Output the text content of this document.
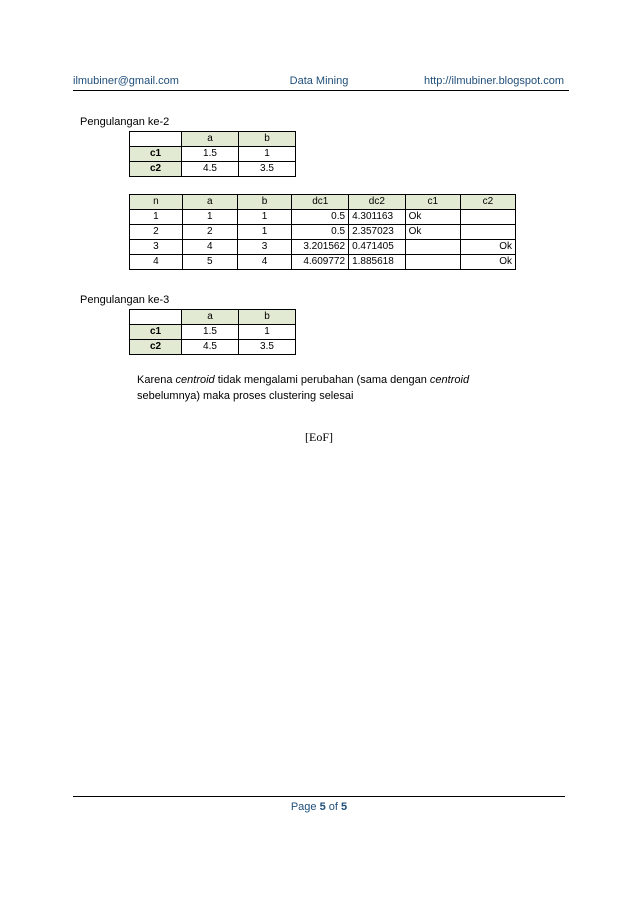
ilmubiner@gmail.com	Data Mining	http://ilmubiner.blogspot.com
Pengulangan ke-2
	a	b
c1	1.5	1
c2	4.5	3.5
n	a	b	dc1	dc2	c1	c2
1	1	1	0.5	4.301163	Ok	
2	2	1	0.5	2.357023	Ok	
3	4	3	3.201562	0.471405		Ok
4	5	4	4.609772	1.885618		Ok
Pengulangan ke-3
	a	b
c1	1.5	1
c2	4.5	3.5
Karena centroid tidak mengalami perubahan (sama dengan centroid sebelumnya) maka proses clustering selesai
[EoF]
Page 5 of 5
